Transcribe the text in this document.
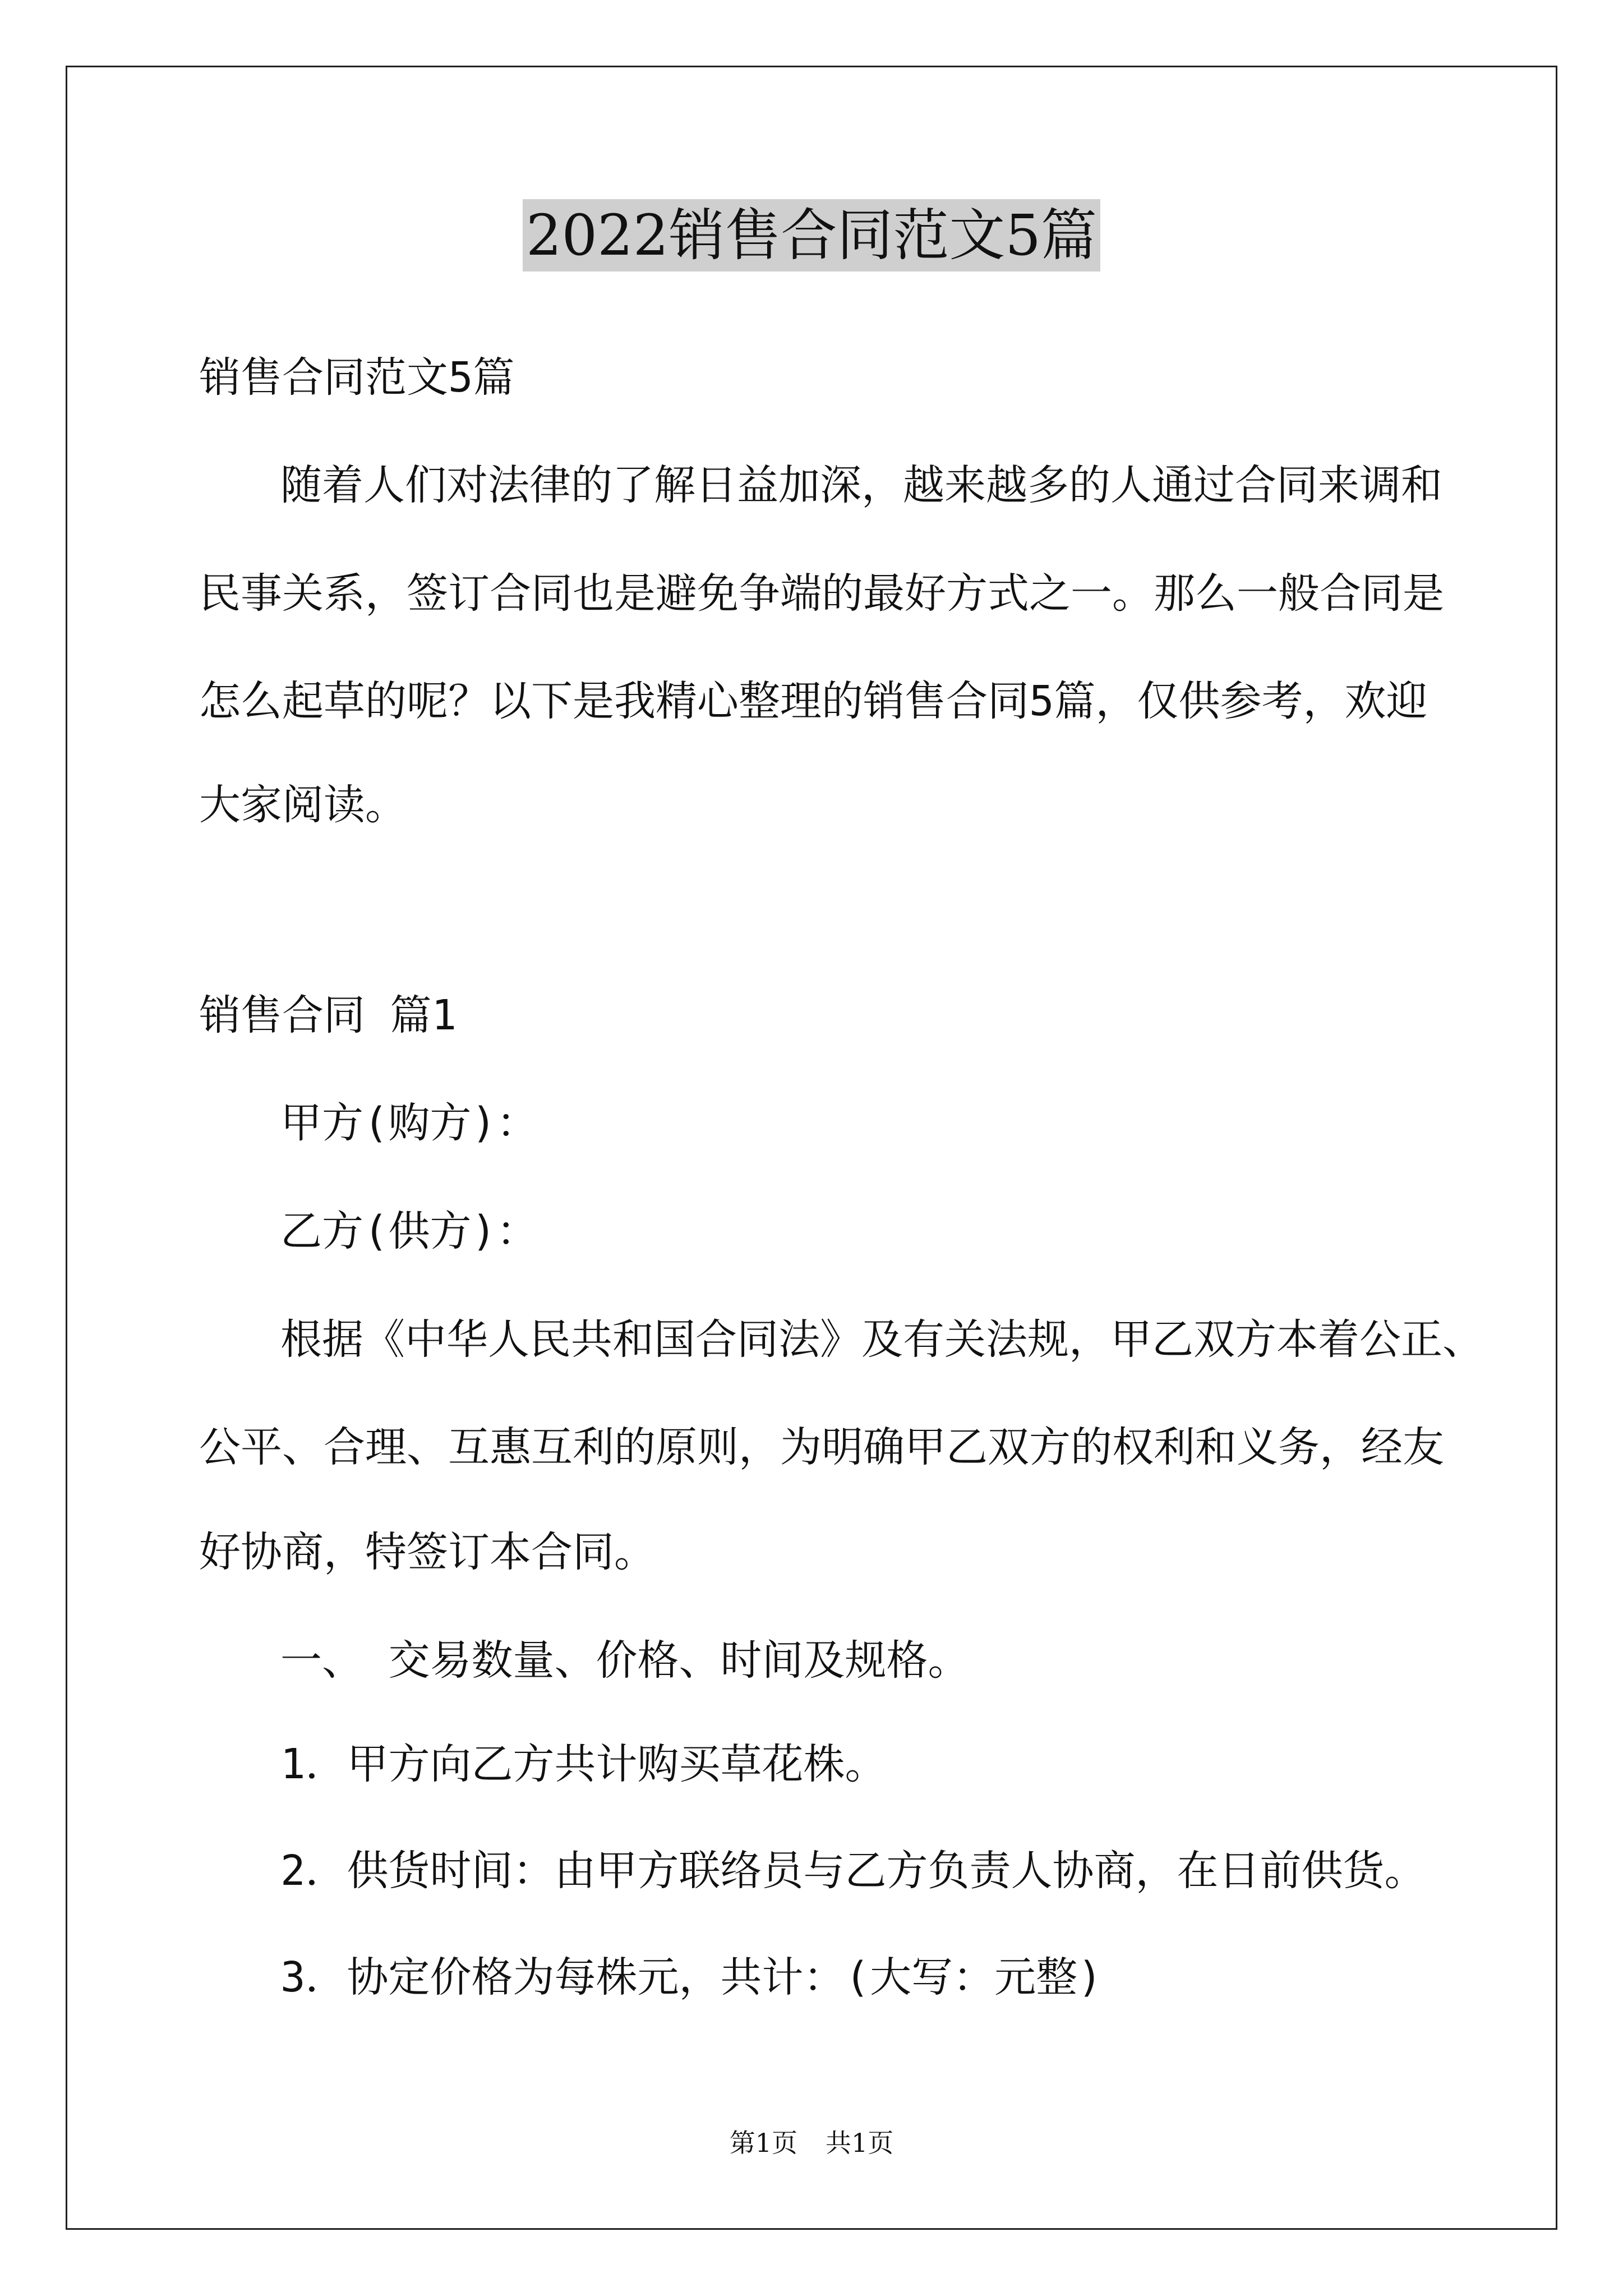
2022销售合同范文5篇
销售合同范文5篇
随着人们对法律的了解日益加深，越来越多的人通过合同来调和
民事关系，签订合同也是避免争端的最好方式之一。那么一般合同是
怎么起草的呢？以下是我精心整理的销售合同5篇，仅供参考，欢迎
大家阅读。
销售合同 篇1
甲方(购方)：
乙方(供方)：
根据《中华人民共和国合同法》及有关法规，甲乙双方本着公正、
公平、合理、互惠互利的原则，为明确甲乙双方的权利和义务，经友
好协商，特签订本合同。
一、 交易数量、价格、时间及规格。
1．甲方向乙方共计购买草花株。
2．供货时间：由甲方联络员与乙方负责人协商，在日前供货。
3．协定价格为每株元，共计：(大写：元整)
第1页 共1页
